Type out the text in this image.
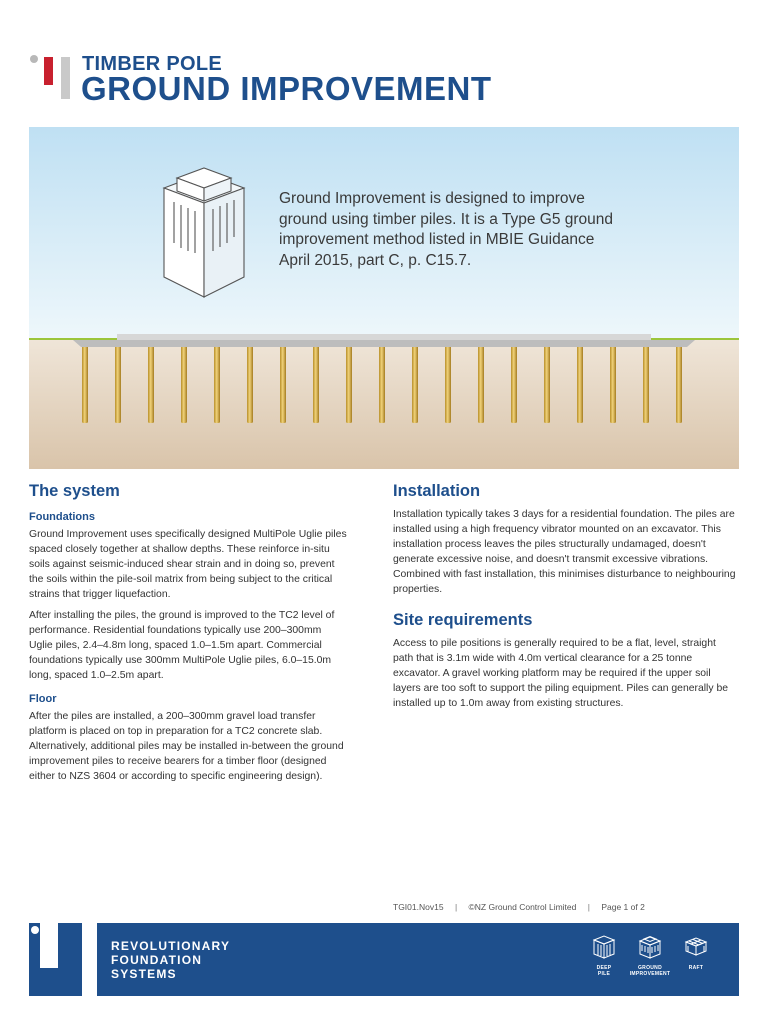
TIMBER POLE
GROUND IMPROVEMENT
Ground Improvement is designed to improve ground using timber piles. It is a Type G5 ground improvement method listed in MBIE Guidance April 2015, part C, p. C15.7.
The system
Foundations

Ground Improvement uses specifically designed MultiPole Uglie piles spaced closely together at shallow depths. These reinforce in-situ soils against seismic-induced shear strain and in doing so, prevent the soils within the pile-soil matrix from being subject to the critical strains that trigger liquefaction.

After installing the piles, the ground is improved to the TC2 level of performance. Residential foundations typically use 200–300mm Uglie piles, 2.4–4.8m long, spaced 1.0–1.5m apart. Commercial foundations typically use 300mm MultiPole Uglie piles, 6.0–15.0m long, spaced 1.0–2.5m apart.

Floor

After the piles are installed, a 200–300mm gravel load transfer platform is placed on top in preparation for a TC2 concrete slab. Alternatively, additional piles may be installed in-between the ground improvement piles to receive bearers for a timber floor (designed either to NZS 3604 or according to specific engineering design).

Installation

Installation typically takes 3 days for a residential foundation. The piles are installed using a high frequency vibrator mounted on an excavator. This installation process leaves the piles structurally undamaged, doesn't generate excessive noise, and doesn't transmit excessive vibrations. Combined with fast installation, this minimises disturbance to neighbouring properties.

Site requirements

Access to pile positions is generally required to be a flat, level, straight path that is 3.1m wide with 4.0m vertical clearance for a 25 tonne excavator. A gravel working platform may be required if the upper soil layers are too soft to support the piling equipment. Piles can generally be installed up to 1.0m away from existing structures.

TGI01.Nov15 | ©NZ Ground Control Limited | Page 1 of 2
REVOLUTIONARY
FOUNDATION
SYSTEMS	DEEP
PILE
GROUND
IMPROVEMENT
RAFT
